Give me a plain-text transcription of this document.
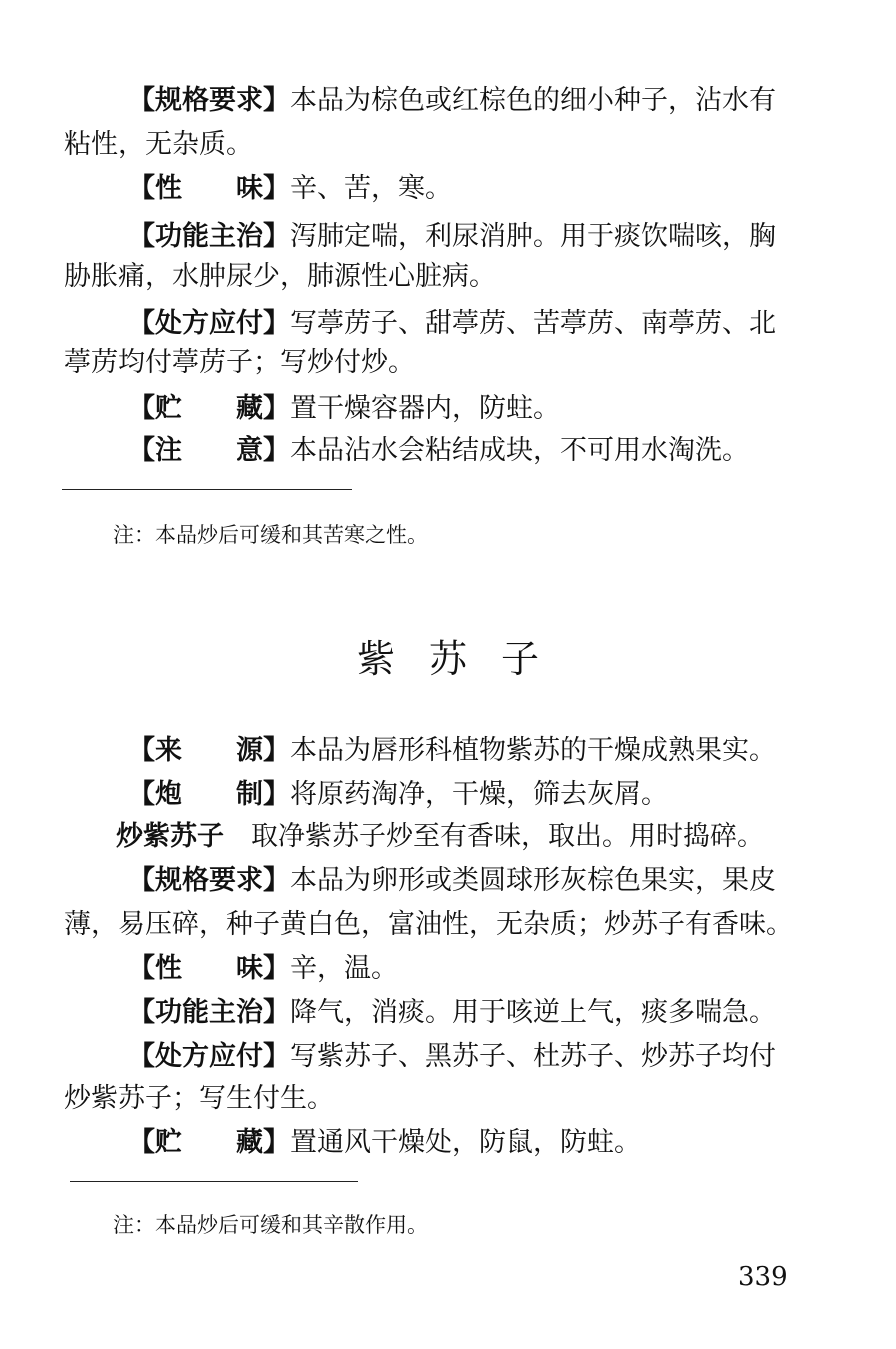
【规格要求】本品为棕色或红棕色的细小种子，沾水有

粘性，无杂质。

【性　　味】辛、苦，寒。

【功能主治】泻肺定喘，利尿消肿。用于痰饮喘咳，胸

胁胀痛，水肿尿少，肺源性心脏病。

【处方应付】写葶苈子、甜葶苈、苦葶苈、南葶苈、北

葶苈均付葶苈子；写炒付炒。

【贮　　藏】置干燥容器内，防蛀。

【注　　意】本品沾水会粘结成块，不可用水淘洗。

注：本品炒后可缓和其苦寒之性。
紫苏子

【来　　源】本品为唇形科植物紫苏的干燥成熟果实。

【炮　　制】将原药淘净，干燥，筛去灰屑。

炒紫苏子　取净紫苏子炒至有香味，取出。用时捣碎。

【规格要求】本品为卵形或类圆球形灰棕色果实，果皮

薄，易压碎，种子黄白色，富油性，无杂质；炒苏子有香味。

【性　　味】辛，温。

【功能主治】降气，消痰。用于咳逆上气，痰多喘急。

【处方应付】写紫苏子、黑苏子、杜苏子、炒苏子均付

炒紫苏子；写生付生。

【贮　　藏】置通风干燥处，防鼠，防蛀。

注：本品炒后可缓和其辛散作用。
339
